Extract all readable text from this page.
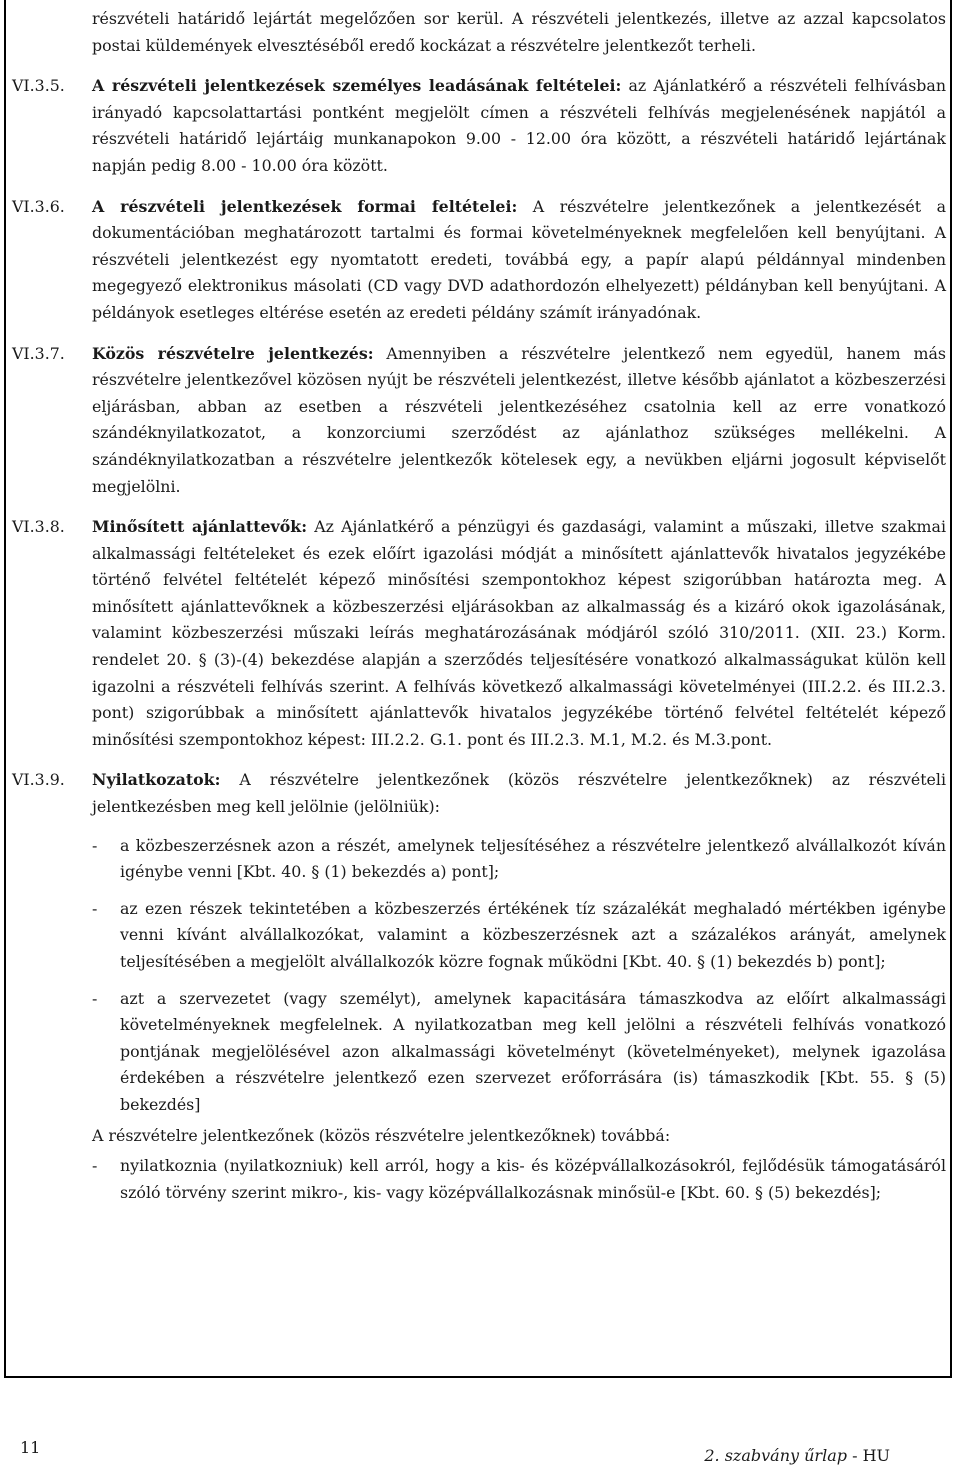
részvételi határidő lejártát megelőzően sor kerül. A részvételi jelentkezés, illetve az azzal kapcsolatos postai küldemények elvesztéséből eredő kockázat a részvételre jelentkezőt terheli.
VI.3.5.	A részvételi jelentkezések személyes leadásának feltételei: az Ajánlatkérő a részvételi felhívásban irányadó kapcsolattartási pontként megjelölt címen a részvételi felhívás megjelenésének napjától a részvételi határidő lejártáig munkanapokon 9.00 - 12.00 óra között, a részvételi határidő lejártának napján pedig 8.00 - 10.00 óra között.
VI.3.6.	A részvételi jelentkezések formai feltételei: A részvételre jelentkezőnek a jelentkezését a dokumentációban meghatározott tartalmi és formai követelményeknek megfelelően kell benyújtani. A részvételi jelentkezést egy nyomtatott eredeti, továbbá egy, a papír alapú példánnyal mindenben megegyező elektronikus másolati (CD vagy DVD adathordozón elhelyezett) példányban kell benyújtani. A példányok esetleges eltérése esetén az eredeti példány számít irányadónak.
VI.3.7.	Közös részvételre jelentkezés: Amennyiben a részvételre jelentkező nem egyedül, hanem más részvételre jelentkezővel közösen nyújt be részvételi jelentkezést, illetve később ajánlatot a közbeszerzési eljárásban, abban az esetben a részvételi jelentkezéséhez csatolnia kell az erre vonatkozó szándéknyilatkozatot, a konzorciumi szerződést az ajánlathoz szükséges mellékelni. A szándéknyilatkozatban a részvételre jelentkezők kötelesek egy, a nevükben eljárni jogosult képviselőt megjelölni.
VI.3.8.	Minősített ajánlattevők: Az Ajánlatkérő a pénzügyi és gazdasági, valamint a műszaki, illetve szakmai alkalmassági feltételeket és ezek előírt igazolási módját a minősített ajánlattevők hivatalos jegyzékébe történő felvétel feltételét képező minősítési szempontokhoz képest szigorúbban határozta meg. A minősített ajánlattevőknek a közbeszerzési eljárásokban az alkalmasság és a kizáró okok igazolásának, valamint közbeszerzési műszaki leírás meghatározásának módjáról szóló 310/2011. (XII. 23.) Korm. rendelet 20. § (3)-(4) bekezdése alapján a szerződés teljesítésére vonatkozó alkalmasságukat külön kell igazolni a részvételi felhívás szerint. A felhívás következő alkalmassági követelményei (III.2.2. és III.2.3. pont) szigorúbbak a minősített ajánlattevők hivatalos jegyzékébe történő felvétel feltételét képező minősítési szempontokhoz képest: III.2.2. G.1. pont és III.2.3. M.1, M.2. és M.3.pont.
VI.3.9.	Nyilatkozatok: A részvételre jelentkezőnek (közös részvételre jelentkezőknek) az részvételi jelentkezésben meg kell jelölnie (jelölniük):
-	a közbeszerzésnek azon a részét, amelynek teljesítéséhez a részvételre jelentkező alvállalkozót kíván igénybe venni [Kbt. 40. § (1) bekezdés a) pont];
-	az ezen részek tekintetében a közbeszerzés értékének tíz százalékát meghaladó mértékben igénybe venni kívánt alvállalkozókat, valamint a közbeszerzésnek azt a százalékos arányát, amelynek teljesítésében a megjelölt alvállalkozók közre fognak működni [Kbt. 40. § (1) bekezdés b) pont];
-	azt a szervezetet (vagy személyt), amelynek kapacitására támaszkodva az előírt alkalmassági követelményeknek megfelelnek. A nyilatkozatban meg kell jelölni a részvételi felhívás vonatkozó pontjának megjelölésével azon alkalmassági követelményt (követelményeket), melynek igazolása érdekében a részvételre jelentkező ezen szervezet erőforrására (is) támaszkodik [Kbt. 55. § (5) bekezdés]
A részvételre jelentkezőnek (közös részvételre jelentkezőknek) továbbá:
-	nyilatkoznia (nyilatkozniuk) kell arról, hogy a kis- és középvállalkozásokról, fejlődésük támogatásáról szóló törvény szerint mikro-, kis- vagy középvállalkozásnak minősül-e [Kbt. 60. § (5) bekezdés];
11	2. szabvány űrlap - HU
